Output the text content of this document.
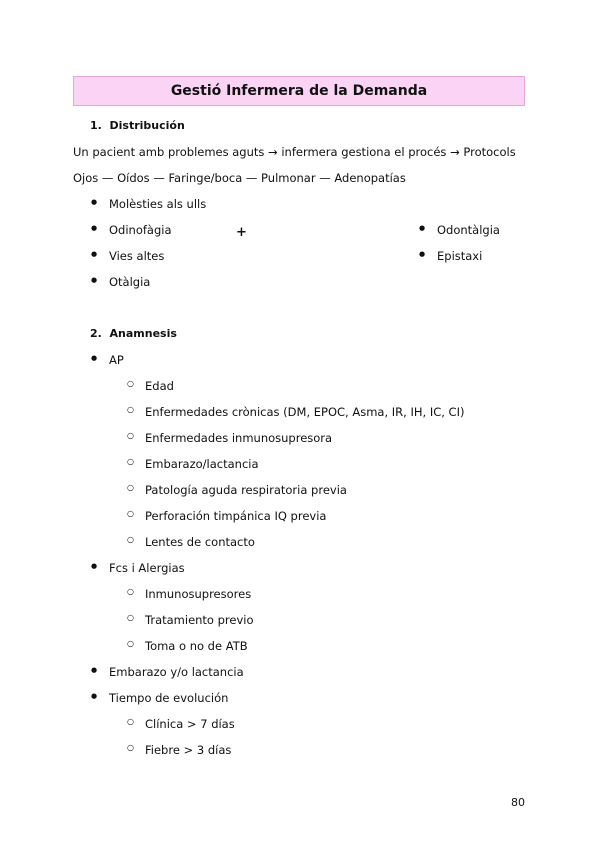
Gestió Infermera de la Demanda
1. Distribución
Un pacient amb problemes aguts → infermera gestiona el procés → Protocols
Ojos — Oídos — Faringe/boca — Pulmonar — Adenopatías
● Molèsties als ulls
● Odinofàgia
● Vies altes
● Otàlgia
+
●	Odontàlgia
● Epistaxi
2. Anamnesis
● AP
○ Edad
○ Enfermedades crònicas (DM, EPOC, Asma, IR, IH, IC, CI)
○ Enfermedades inmunosupresora
○ Embarazo/lactancia
○ Patología aguda respiratoria previa
○ Perforación timpánica IQ previa
○ Lentes de contacto
● Fcs i Alergias
○ Inmunosupresores
○ Tratamiento previo
○ Toma o no de ATB
● Embarazo y/o lactancia
● Tiempo de evolución
○ Clínica > 7 días
○ Fiebre > 3 días
80
